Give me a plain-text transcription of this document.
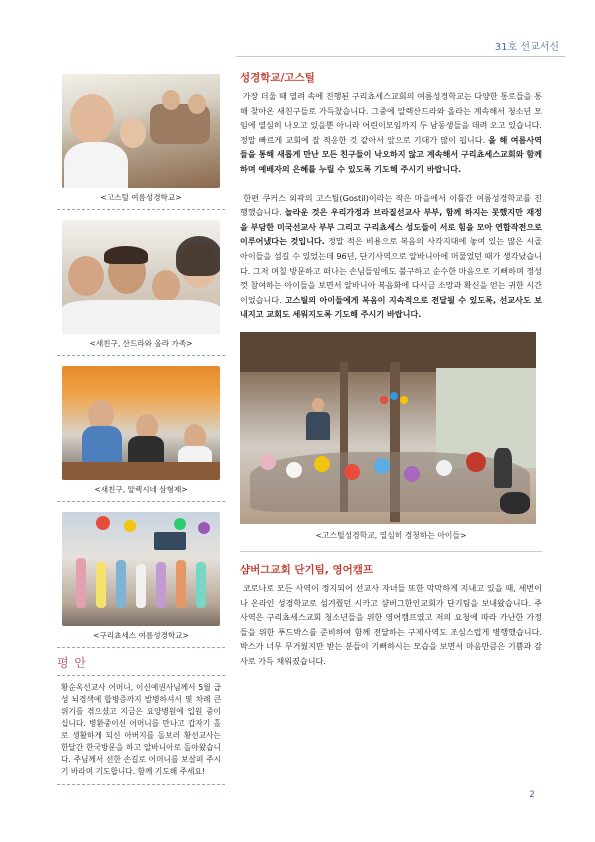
31호 선교서신
<고스틸 여름성경학교>
<새친구, 산드라와 올라 가족>
<새친구, 알렉시네 삼형제>
<구리쵸세스 여름성경학교>
평 안
황순옥선교사 어머니, 이신예권사님께서 5월 급성 뇌경색에 합병증까지 발병하셔서 몇 차례 큰 위기를 겪으셨고 지금은 요양병원에 입원 중이십니다. 병환중이신 어머니를 만나고 갑자기 홀로 생활하게 되신 아버지를 돌보러 황선교사는 한달간 한국방문을 하고 알바니아로 돌아왔습니다. 주님께서 선한 손길로 어머니를 보살펴 주시기 바라며 기도합니다. 함께 기도해 주세요!
성경학교/고스틸

가장 더울 때 열려 속에 진행된 구리쵸세스교회의 여름성경학교는 다양한 통로들을 통해 찾아온 새친구들로 가득찼습니다. 그중에 알렉산드라와 올라는 계속해서 청소년 모임에 열심히 나오고 있을뿐 아니라 어린이모임까지 두 남동생들을 데려 오고 있습니다. 정말 빠르게 교회에 잘 적응한 것 같아서 앞으로 기대가 많이 됩니다. 올 해 여름사역들을 통해 새롭게 만난 모든 친구들이 낙오하지 않고 계속해서 구리쵸세스교회와 함께 하며 예배자의 은혜를 누릴 수 있도록 기도해 주시기 바랍니다.

한편 쿠커스 외곽의 고스틸(Gostil)이라는 작은 마을에서 이틀간 여름성경학교를 진행했습니다. 놀라운 것은 우리가정과 브라질선교사 부부, 함께 하지는 못했지만 재정을 부담한 미국선교사 부부 그리고 구리쵸세스 성도들이 서로 힘을 모아 연합작전으로 이루어냈다는 것입니다. 정말 적은 비용으로 복음의 사각지대에 놓여 있는 많은 시골 아이들을 섬길 수 있었는데 96년, 단기사역으로 알바니아에 머물었던 때가 생각났습니다. 그저 며칠 방문하고 떠나는 손님들임에도 불구하고 순수한 마음으로 기뻐하며 정성껏 참여하는 아이들을 보면서 알바니아 복음화에 다시금 소망과 확신을 얻는 귀한 시간이었습니다. 고스틸의 아이들에게 복음이 지속적으로 전달될 수 있도록, 선교사도 보내지고 교회도 세워지도록 기도해 주시기 바랍니다.

<고스틸성경학교, 열심히 경청하는 아이들>
샴버그교회 단기팀, 영어캠프

코로나로 모든 사역이 정지되어 선교사 자녀들 또한 막막하게 지내고 있을 때, 세번이나 온라인 성경학교로 섬겨줬던 시카고 샴버그한인교회가 단기팀을 보내왔습니다. 주사역은 구리쵸세스교회 청소년들을 위한 영어캠프였고 저의 요청에 따라 가난한 가정들을 위한 푸드박스를 준비하여 함께 전달하는 구제사역도 조심스럽게 병행했습니다. 박스가 너무 무거웠지만 받는 분들이 기뻐하시는 모습을 보면서 마음만큼은 기쁨과 감사로 가득 채워졌습니다.

2
